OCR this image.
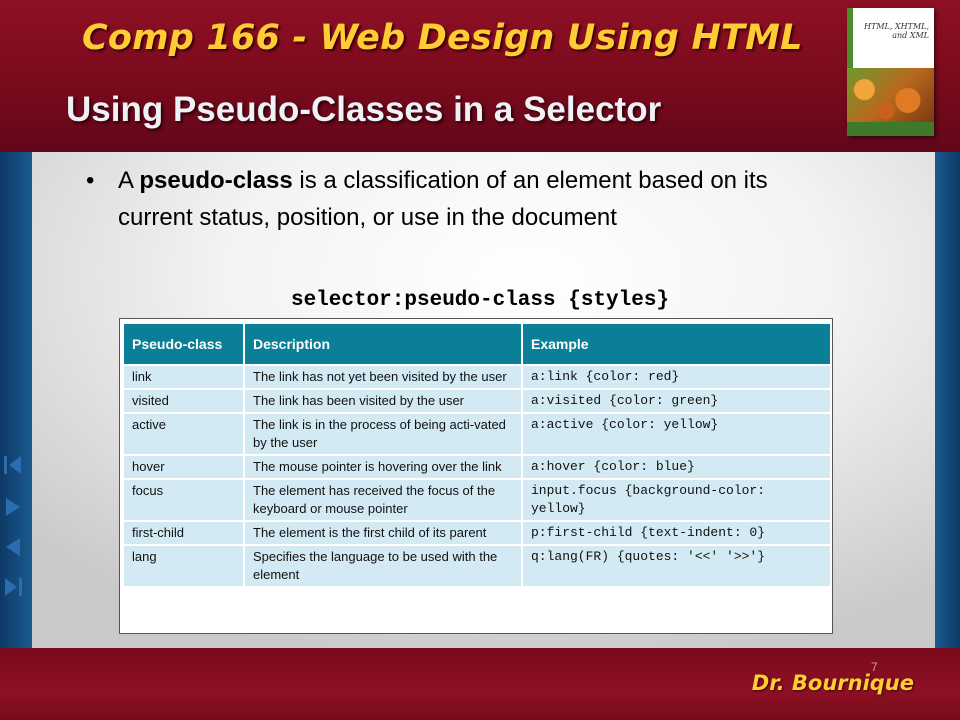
Comp 166 - Web Design Using HTML
Using Pseudo-Classes in a Selector
HTML, XHTML,
and XML
• A pseudo-class is a classification of an element based on its current status, position, or use in the document
selector:pseudo-class {styles}
Pseudo-class	Description	Example
link	The link has not yet been visited by the user	a:link {color: red}
visited	The link has been visited by the user	a:visited {color: green}
active	The link is in the process of being acti-vated by the user	a:active {color: yellow}
hover	The mouse pointer is hovering over the link	a:hover {color: blue}
focus	The element has received the focus of the keyboard or mouse pointer	input.focus {background-color: yellow}
first-child	The element is the first child of its parent	p:first-child {text-indent: 0}
lang	Specifies the language to be used with the element	q:lang(FR) {quotes: '<<' '>>'}
7
Dr. Bournique
